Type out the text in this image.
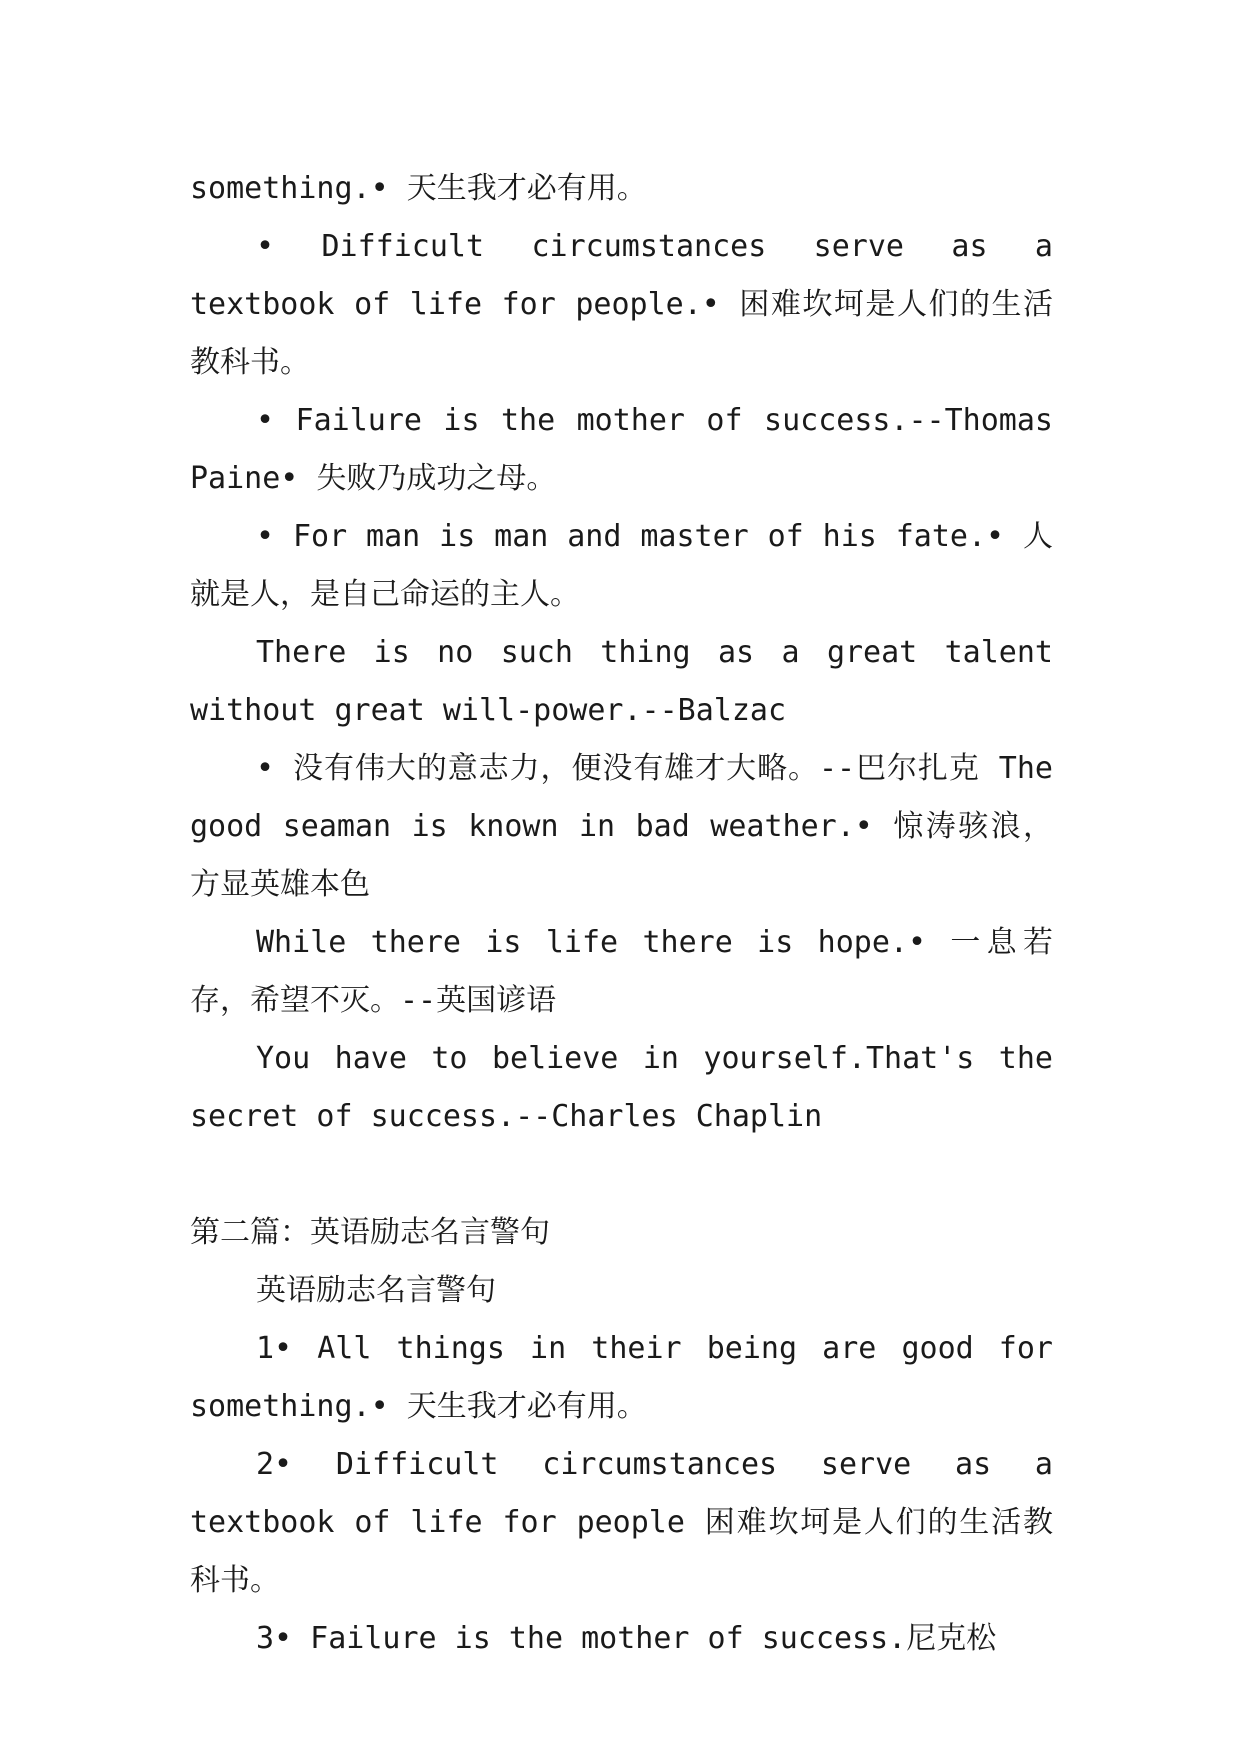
something.• 天生我才必有用。

• Difficult circumstances serve as a textbook of life for people.• 困难坎坷是人们的生活教科书。

• Failure is the mother of success.--Thomas Paine• 失败乃成功之母。

• For man is man and master of his fate.• 人就是人，是自己命运的主人。

There is no such thing as a great talent without great will-power.--Balzac

• 没有伟大的意志力，便没有雄才大略。--巴尔扎克 The good seaman is known in bad weather.• 惊涛骇浪，方显英雄本色

While there is life there is hope.• 一息若存，希望不灭。--英国谚语

You have to believe in yourself.That's the secret of success.--Charles Chaplin

第二篇：英语励志名言警句

英语励志名言警句

1• All things in their being are good for something.• 天生我才必有用。

2• Difficult circumstances serve as a textbook of life for people 困难坎坷是人们的生活教科书。

3• Failure is the mother of success.尼克松
